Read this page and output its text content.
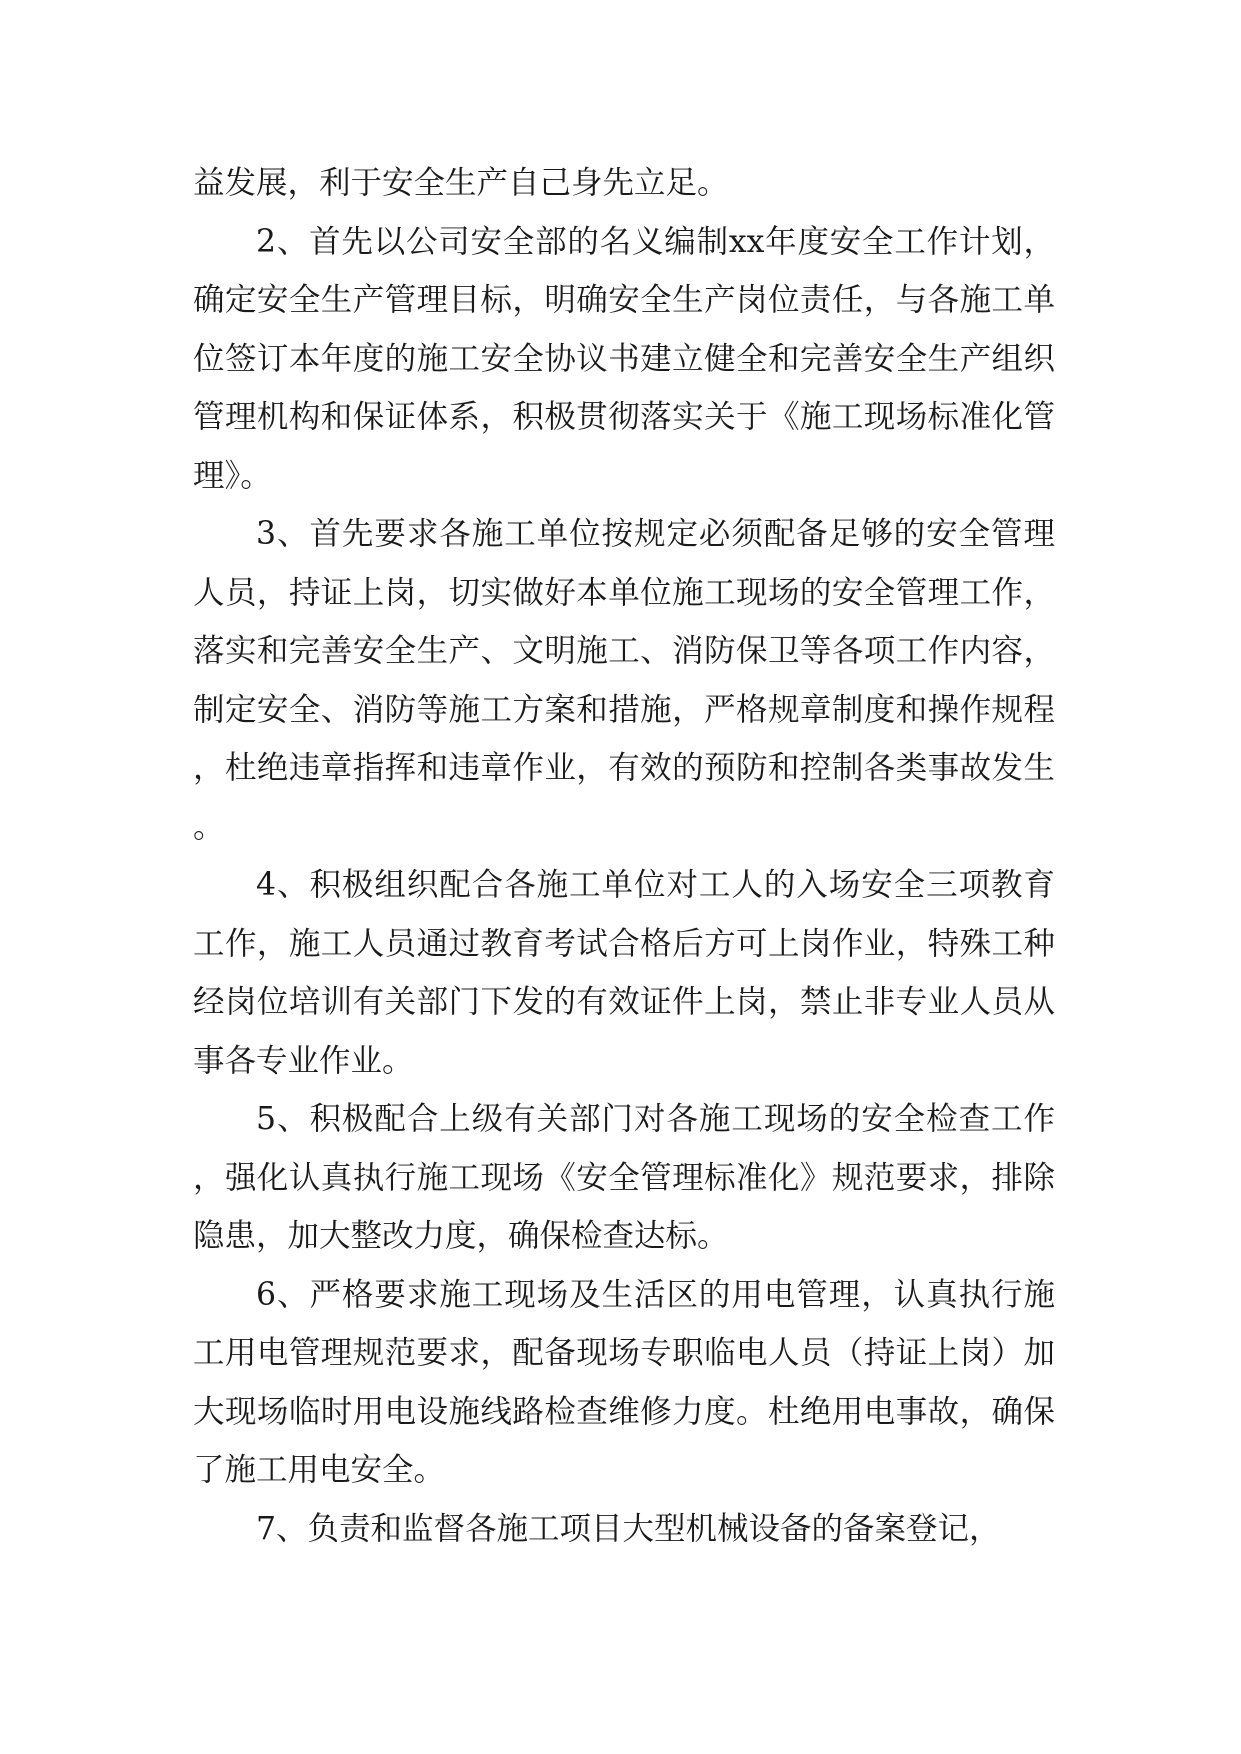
益发展，利于安全生产自己身先立足。

2、首先以公司安全部的名义编制xx年度安全工作计划，确定安全生产管理目标，明确安全生产岗位责任，与各施工单位签订本年度的施工安全协议书建立健全和完善安全生产组织管理机构和保证体系，积极贯彻落实关于《施工现场标准化管理》。

3、首先要求各施工单位按规定必须配备足够的安全管理人员，持证上岗，切实做好本单位施工现场的安全管理工作，落实和完善安全生产、文明施工、消防保卫等各项工作内容，制定安全、消防等施工方案和措施，严格规章制度和操作规程，杜绝违章指挥和违章作业，有效的预防和控制各类事故发生。

4、积极组织配合各施工单位对工人的入场安全三项教育工作，施工人员通过教育考试合格后方可上岗作业，特殊工种经岗位培训有关部门下发的有效证件上岗，禁止非专业人员从事各专业作业。

5、积极配合上级有关部门对各施工现场的安全检查工作，强化认真执行施工现场《安全管理标准化》规范要求，排除隐患，加大整改力度，确保检查达标。

6、严格要求施工现场及生活区的用电管理，认真执行施工用电管理规范要求，配备现场专职临电人员（持证上岗）加大现场临时用电设施线路检查维修力度。杜绝用电事故，确保了施工用电安全。

7、负责和监督各施工项目大型机械设备的备案登记，
